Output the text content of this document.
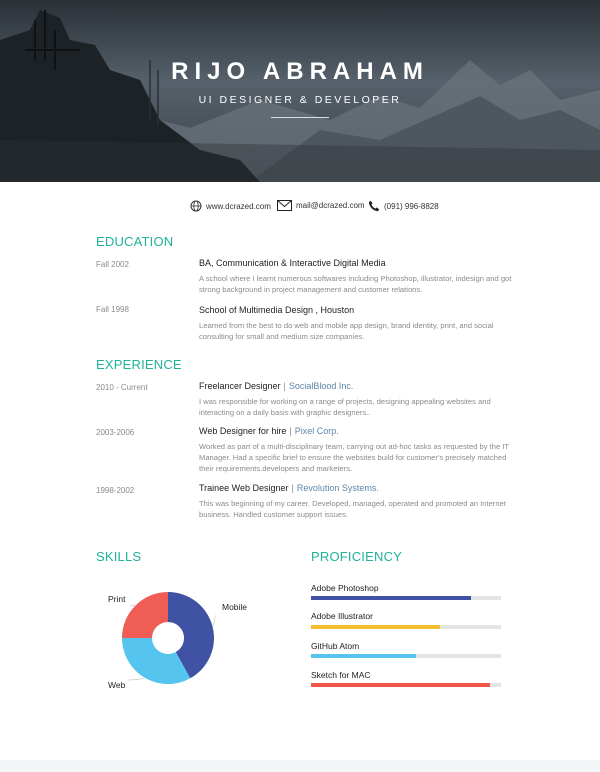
RIJO ABRAHAM
UI DESIGNER & DEVELOPER
www.dcrazed.com	mail@dcrazed.com (091) 996-8828
EDUCATION
Fall 2002	BA, Communication & Interactive Digital Media
A school where I learnt numerous softwares including Photoshop, illustrator, indesign and got strong background in project management and customer relations.
Fall 1998	School of Multimedia Design , Houston
Learned from the best to do web and mobile app design, brand identity, print, and social consulting for small and medium size companies.
EXPERIENCE
2010 - Current	Freelancer Designer | SocialBlood Inc.
I was responsible for working on a range of projects, designing appealing websites and interacting on a daily basis with graphic designers..
2003-2006	Web Designer for hire | Pixel Corp.
Worked as part of a multi-disciplinary team, carrying out ad-hoc tasks as requested by the IT Manager. Had a specific brief to ensure the websites build for customer's precisely matched their requirements.developers and marketers.
1998-2002	Trainee Web Designer | Revolution Systems.
This was beginning of my career. Developed, managed, operated and promoted an Internet business. Handled customer support issues.
SKILLS
Mobile
Web
Print
PROFICIENCY
Adobe Photoshop
Adobe Illustrator
GitHub Atom
Sketch for MAC
